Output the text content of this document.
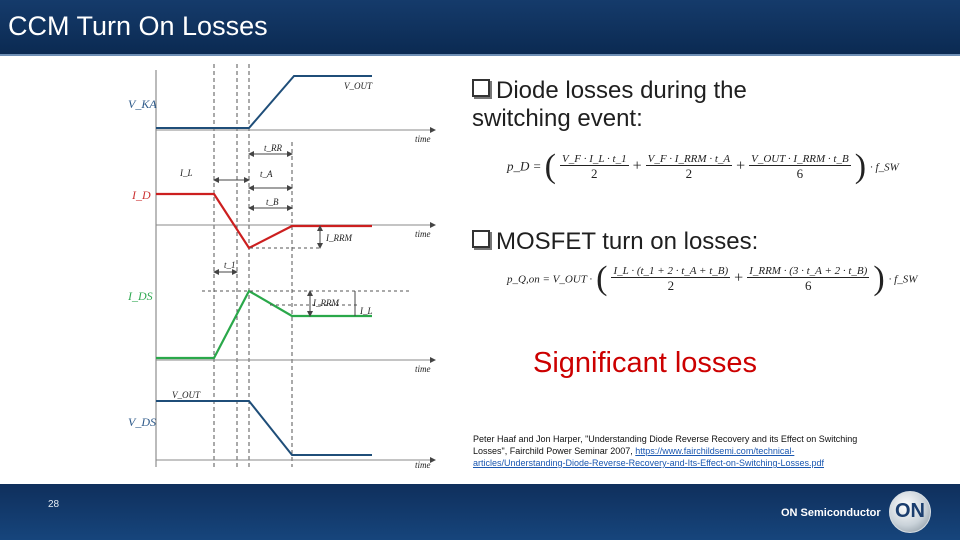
CCM Turn On Losses
V_KA
I_D
I_DS
V_DS
V_OUT
V_OUT
I_L
I_L
t_RR
t_A
t_B
t_1
I_RRM
I_RRM
time
time
time
time
Diode losses during the switching event:
p_D = ( $\frac{V\_F \cdot I\_L \cdot t\_1}{2} + \frac{\text{V\_F · I\_RRM · t\_A}}{2} + \frac{\text{V\_OUT · I\_RRM · t\_B}}{6}$ ) · f_SW
MOSFET turn on losses:
p_Q,on = V_OUT · ( $\frac{I\_L \cdot (t\_1 + 2 \cdot t\_A + t\_B)}{2} + \frac{\text{I\_RRM · (3 · t\_A + 2 · t\_B)}}{6}$ ) · f_SW
Significant losses
Peter Haaf and Jon Harper, "Understanding Diode Reverse Recovery and its Effect on Switching Losses", Fairchild Power Seminar 2007, https://www.fairchildsemi.com/technical-articles/Understanding-Diode-Reverse-Recovery-and-Its-Effect-on-Switching-Losses.pdf
28
ON Semiconductor ON
